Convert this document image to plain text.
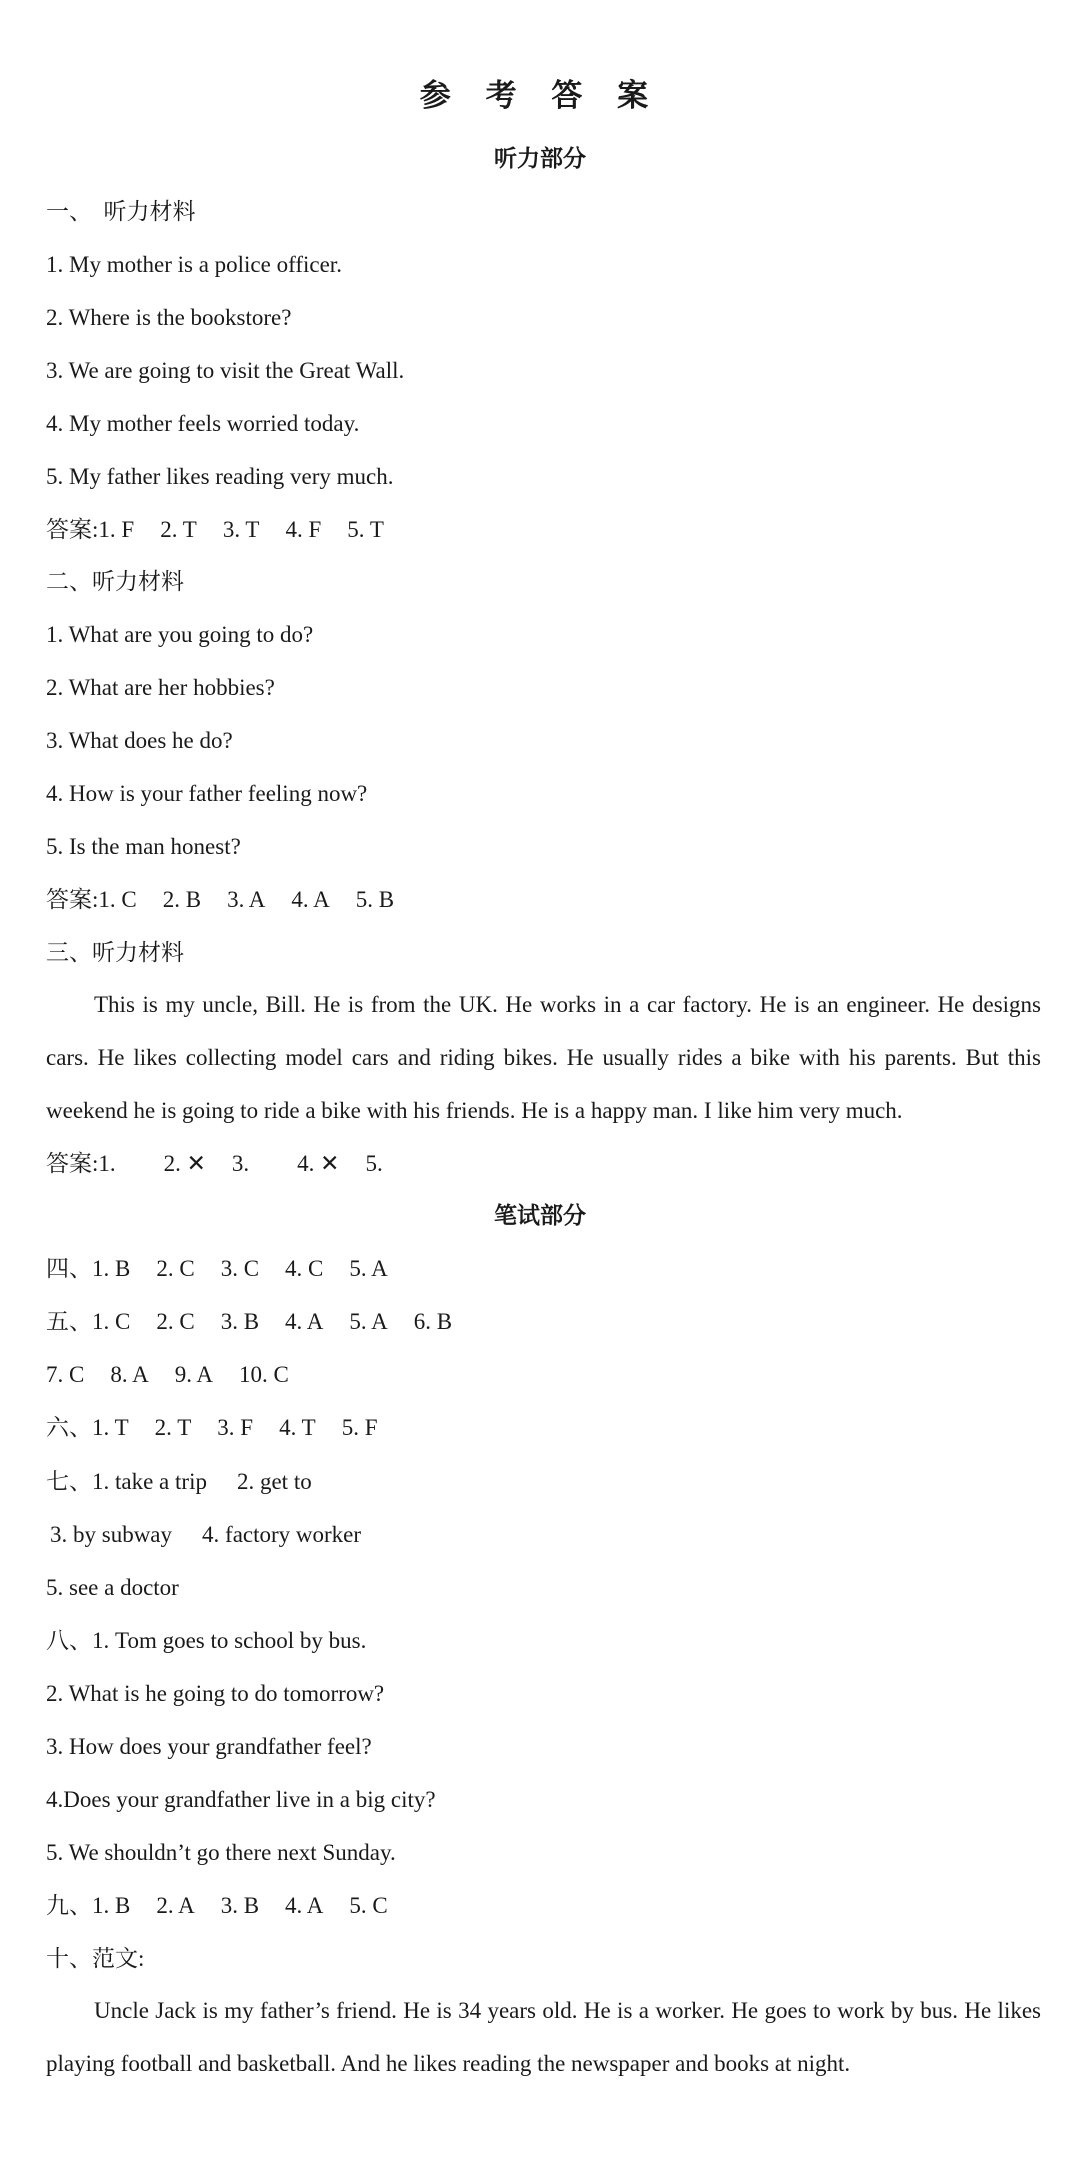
参 考 答 案
听力部分
一、  听力材料
1. My mother is a police officer.
2. Where is the bookstore?
3. We are going to visit the Great Wall.
4. My mother feels worried today.
5. My father likes reading very much.
答案:1. F 2. T 3. T 4. F 5. T
二、听力材料
1. What are you going to do?
2. What are her hobbies?
3. What does he do?
4. How is your father feeling now?
5. Is the man honest?
答案:1. C 2. B 3. A 4. A 5. B
三、听力材料
This is my uncle, Bill. He is from the UK. He works in a car factory. He is an engineer. He designs cars. He likes collecting model cars and riding bikes. He usually rides a bike with his parents. But this weekend he is going to ride a bike with his friends. He is a happy man. I like him very much.
答案:1. 2. ✕ 3. 4. ✕ 5.
笔试部分
四、1. B 2. C 3. C 4. C 5. A
五、1. C 2. C 3. B 4. A 5. A 6. B
7. C 8. A 9. A 10. C
六、1. T 2. T 3. F 4. T 5. F
七、1. take a trip 2. get to
3. by subway 4. factory worker
5. see a doctor
八、1. Tom goes to school by bus.
2. What is he going to do tomorrow?
3. How does your grandfather feel?
4.Does your grandfather live in a big city?
5. We shouldn’t go there next Sunday.
九、1. B 2. A 3. B 4. A 5. C
十、范文:
Uncle Jack is my father’s friend. He is 34 years old. He is a worker. He goes to work by bus. He likes playing football and basketball. And he likes reading the newspaper and books at night.
